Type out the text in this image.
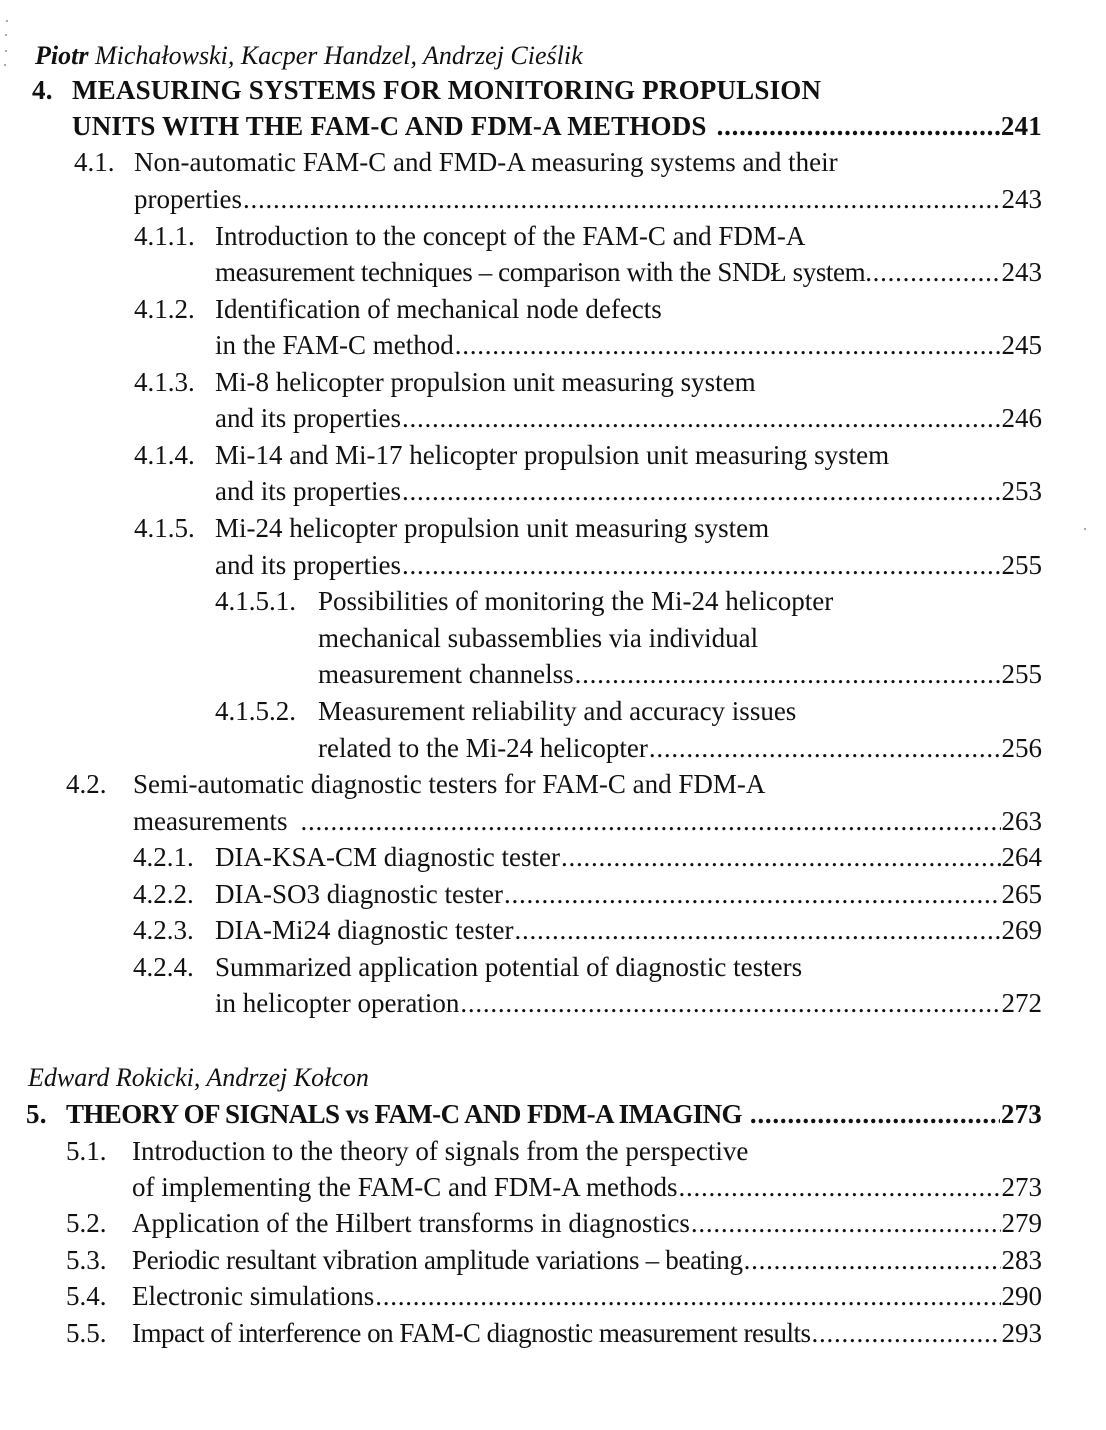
Piotr Michałowski, Kacper Handzel, Andrzej Cieślik
4. MEASURING SYSTEMS FOR MONITORING PROPULSION
UNITS WITH THE FAM-C AND FDM-A METHODS . . .	241
4.1. Non-automatic FAM-C and FMD-A measuring systems and their
properties . . .	243
4.1.1. Introduction to the concept of the FAM-C and FDM-A
measurement techniques – comparison with the SNDŁ system. . . .	243
4.1.2. Identification of mechanical node defects
in the FAM-C method . . .	245
4.1.3. Mi-8 helicopter propulsion unit measuring system
and its properties . . .	246
4.1.4. Mi-14 and Mi-17 helicopter propulsion unit measuring system
and its properties . . .	253
4.1.5. Mi-24 helicopter propulsion unit measuring system
and its properties . . .	255
4.1.5.1. Possibilities of monitoring the Mi-24 helicopter
mechanical subassemblies via individual
measurement channelss . . .	255
4.1.5.2. Measurement reliability and accuracy issues
related to the Mi-24 helicopter . . .	256
4.2. Semi-automatic diagnostic testers for FAM-C and FDM-A
measurements . . .	263
4.2.1. DIA-KSA-CM diagnostic tester . . .	264
4.2.2. DIA-SO3 diagnostic tester . . .	265
4.2.3. DIA-Mi24 diagnostic tester . . .	269
4.2.4. Summarized application potential of diagnostic testers
in helicopter operation . . .	272
Edward Rokicki, Andrzej Kołcon
5. THEORY OF SIGNALS vs FAM-C AND FDM-A IMAGING . . .	273
5.1. Introduction to the theory of signals from the perspective
of implementing the FAM-C and FDM-A methods . . .	273
5.2. Application of the Hilbert transforms in diagnostics . . .	279
5.3. Periodic resultant vibration amplitude variations – beating . . .	283
5.4. Electronic simulations . . .	290
5.5. Impact of interference on FAM-C diagnostic measurement results . . .	293
